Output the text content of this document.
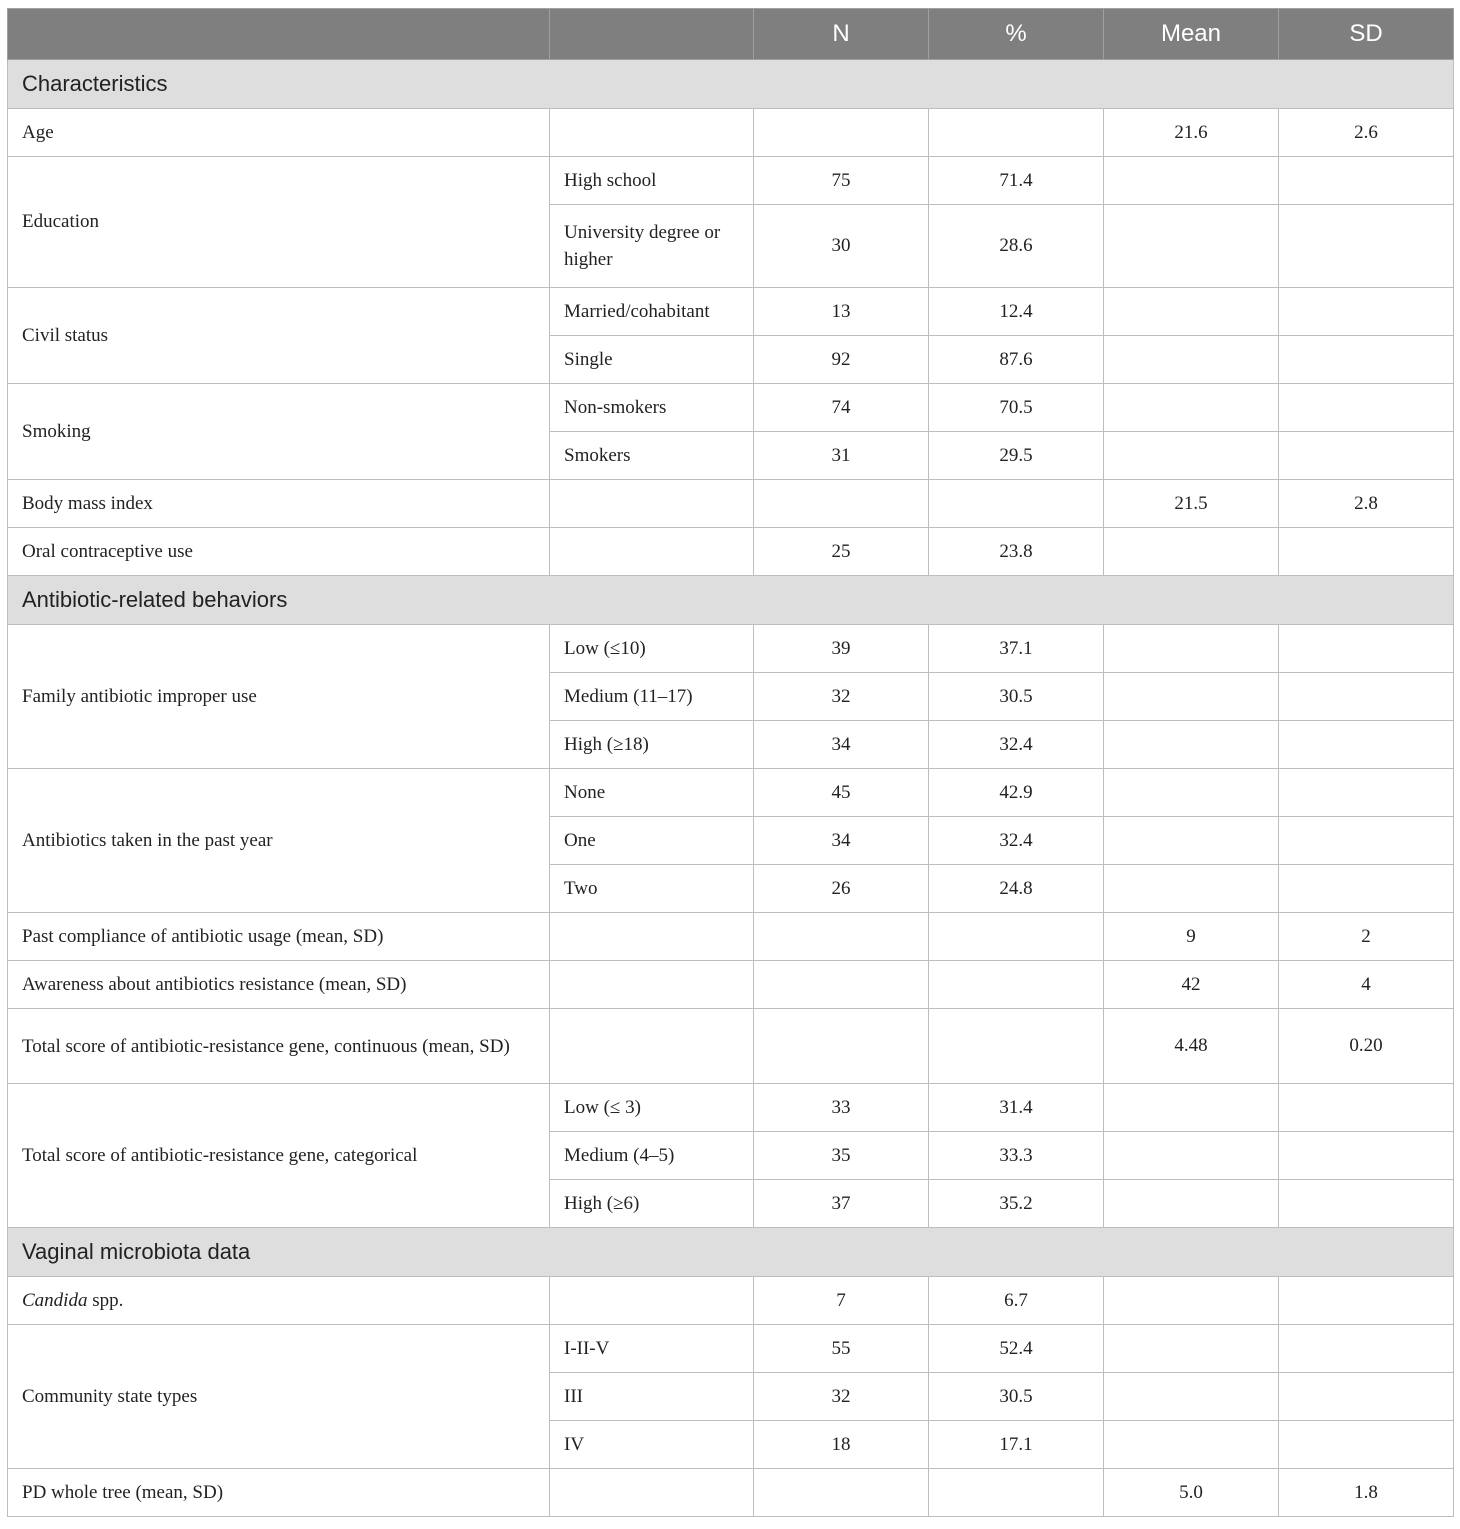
		N	%	Mean	SD
Characteristics					
Age				21.6	2.6
Education	High school	75	71.4		
	University degree or higher	30	28.6		
Civil status	Married/cohabitant	13	12.4		
	Single	92	87.6		
Smoking	Non-smokers	74	70.5		
	Smokers	31	29.5		
Body mass index				21.5	2.8
Oral contraceptive use		25	23.8		
Antibiotic-related behaviors					
Family antibiotic improper use	Low (≤10)	39	37.1		
	Medium (11–17)	32	30.5		
	High (≥18)	34	32.4		
Antibiotics taken in the past year	None	45	42.9		
	One	34	32.4		
	Two	26	24.8		
Past compliance of antibiotic usage (mean, SD)				9	2
Awareness about antibiotics resistance (mean, SD)				42	4
Total score of antibiotic-resistance gene, continuous (mean, SD)				4.48	0.20
Total score of antibiotic-resistance gene, categorical	Low (≤ 3)	33	31.4		
	Medium (4–5)	35	33.3		
	High (≥6)	37	35.2		
Vaginal microbiota data					
Candida spp.		7	6.7		
Community state types	I-II-V	55	52.4		
	III	32	30.5		
	IV	18	17.1		
PD whole tree (mean, SD)				5.0	1.8
